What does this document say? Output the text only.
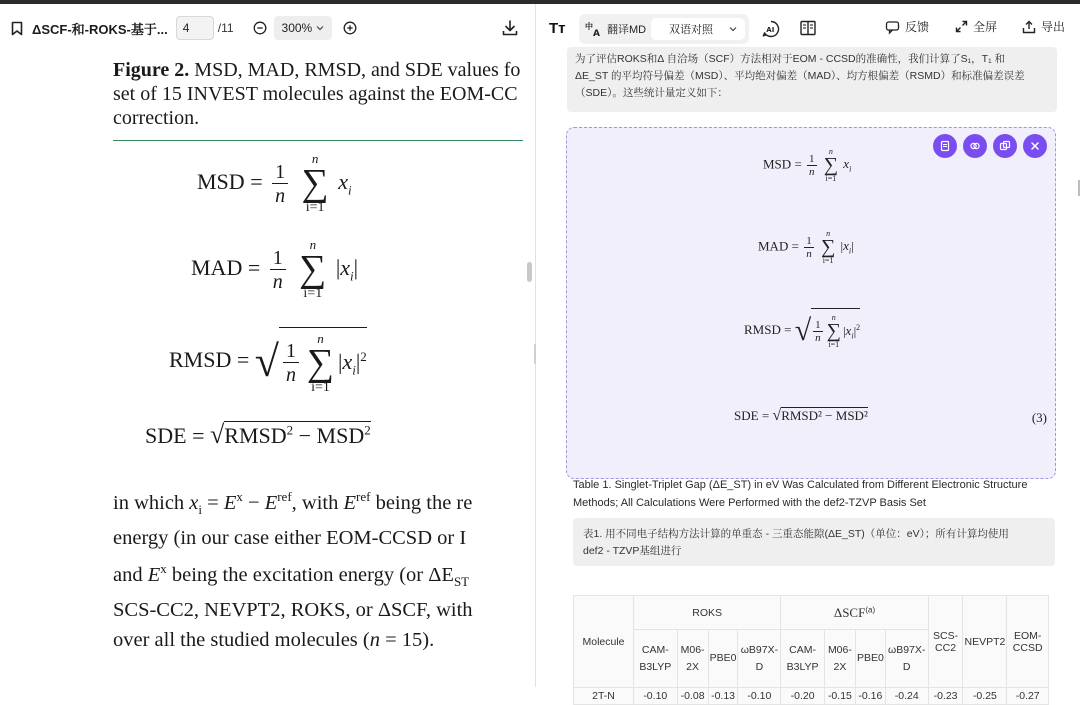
ΔSCF-和-ROKS-基于...	4	/11	300%
Figure 2. MSD, MAD, RMSD, and SDE values fo
set of 15 INVEST molecules against the EOM-CC
correction.
MSD = $\frac{1}{n}$

n
∑
i=1
$x_i$
MAD = $\frac{1}{n}$

n
∑
i=1
$|x_i|$
RMSD = √ $\frac{1}{n}$
n
∑
i=1
$|x_i|^2$
SDE = $√RMSD^2 - MSD^2$
in which $x_i = E^x - E^{ref}$, with $E^{ref}$ being the re
energy (in our case either EOM-CCSD or I
and $E^x$ being the excitation energy (or $\Delta E_{ST}$
SCS-CC2, NEVPT2, ROKS, or ΔSCF, with
over all the studied molecules (n = 15).
Tт 中
A 翻译MD 双语对照	AI	反馈	全屏	导出
为了评估ROKS和Δ 自洽场（SCF）方法相对于EOM - CCSD的准确性，我们计算了S₁，T₁ 和
ΔE_ST 的平均符号偏差（MSD）、平均绝对偏差（MAD）、均方根偏差（RSMD）和标准偏差误差
（SDE）。这些统计量定义如下：
MSD = $\frac{1}{n}$

n
∑
i=1
$x_i$
MAD = $\frac{1}{n}$

n
∑
i=1
$|x_i|$
RMSD = √ $\frac{1}{n}$
n
∑
i=1
$|x_i|^2$
SDE = √RMSD² − MSD²	(3)
Table 1. Singlet-Triplet Gap (ΔE_ST) in eV Was Calculated from Different Electronic Structure Methods; All Calculations Were Performed with the def2-TZVP Basis Set
表1. 用不同电子结构方法计算的单重态 - 三重态能隙(ΔE_ST)（单位：eV）；所有计算均使用
def2 - TZVP基组进行
Molecule	ROKS				ΔSCF$^{(a)}$				SCS-CC2	NEVPT2	EOM-CCSD
	CAM-B3LYP	M06-2X	PBE0	ωB97X-D	CAM-B3LYP	M06-2X	PBE0	ωB97X-D			
2T-N	-0.10	-0.08	-0.13	-0.10	-0.20	-0.15	-0.16	-0.24	-0.23	-0.25	-0.27
